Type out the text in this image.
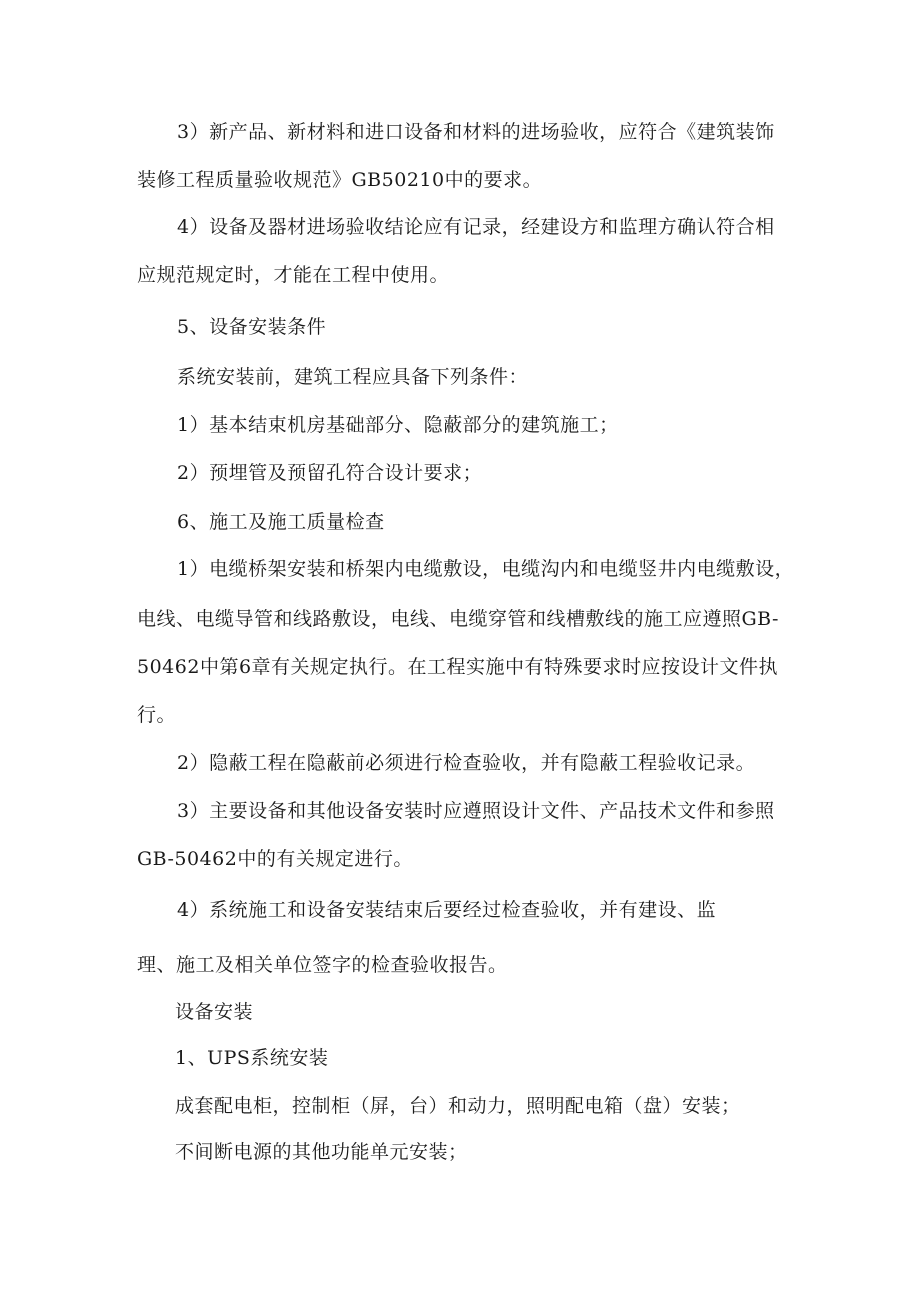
3）新产品、新材料和进口设备和材料的进场验收，应符合《建筑装饰
装修工程质量验收规范》GB50210中的要求。
4）设备及器材进场验收结论应有记录，经建设方和监理方确认符合相
应规范规定时，才能在工程中使用。
5、设备安装条件
系统安装前，建筑工程应具备下列条件：
1）基本结束机房基础部分、隐蔽部分的建筑施工；
2）预埋管及预留孔符合设计要求；
6、施工及施工质量检查
1）电缆桥架安装和桥架内电缆敷设，电缆沟内和电缆竖井内电缆敷设，
电线、电缆导管和线路敷设，电线、电缆穿管和线槽敷线的施工应遵照GB-
50462中第6章有关规定执行。在工程实施中有特殊要求时应按设计文件执
行。
2）隐蔽工程在隐蔽前必须进行检查验收，并有隐蔽工程验收记录。
3）主要设备和其他设备安装时应遵照设计文件、产品技术文件和参照
GB-50462中的有关规定进行。
4）系统施工和设备安装结束后要经过检查验收，并有建设、监
理、施工及相关单位签字的检查验收报告。
设备安装
1、UPS系统安装
成套配电柜，控制柜（屏，台）和动力，照明配电箱（盘）安装；
不间断电源的其他功能单元安装；
